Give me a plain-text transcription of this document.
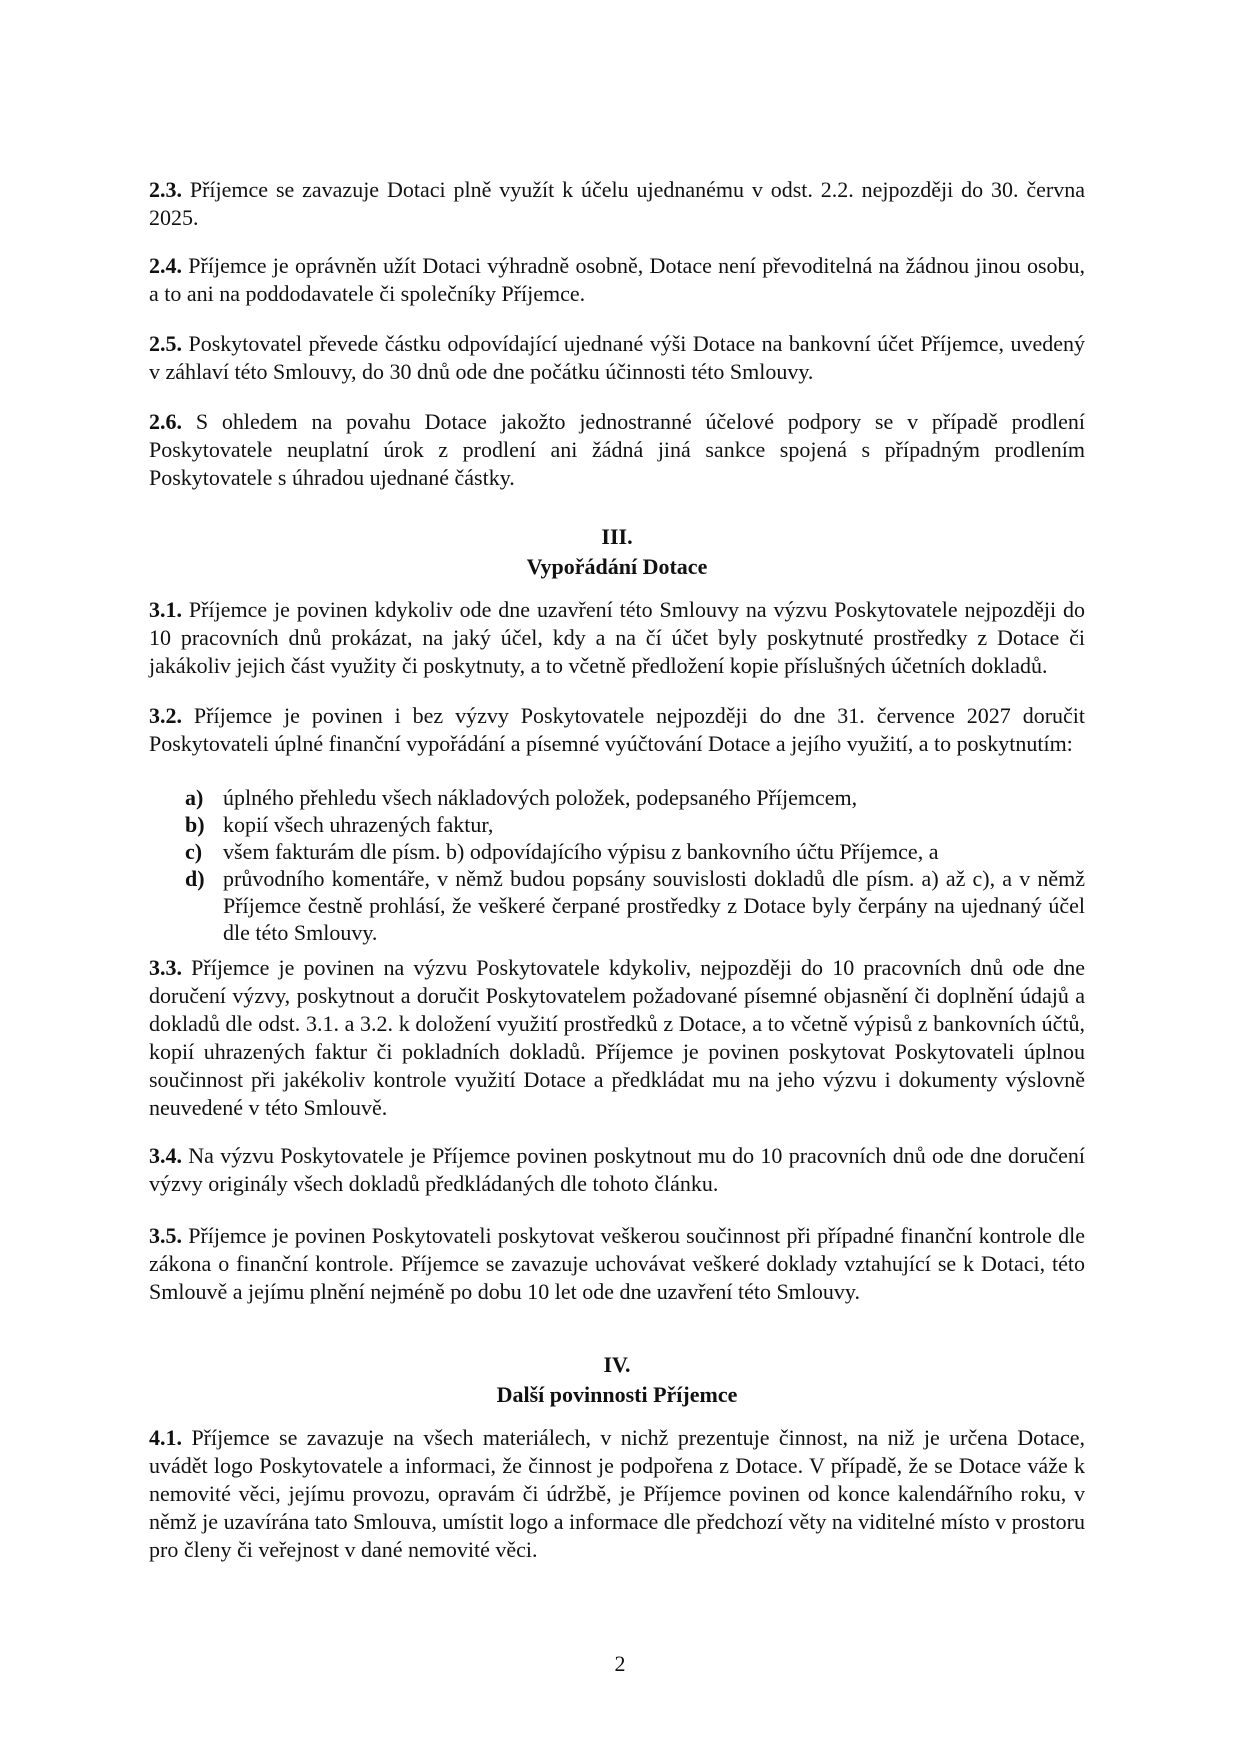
2.3. Příjemce se zavazuje Dotaci plně využít k účelu ujednanému v odst. 2.2. nejpozději do 30. června 2025.

2.4. Příjemce je oprávněn užít Dotaci výhradně osobně, Dotace není převoditelná na žádnou jinou osobu, a to ani na poddodavatele či společníky Příjemce.

2.5. Poskytovatel převede částku odpovídající ujednané výši Dotace na bankovní účet Příjemce, uvedený v záhlaví této Smlouvy, do 30 dnů ode dne počátku účinnosti této Smlouvy.

2.6. S ohledem na povahu Dotace jakožto jednostranné účelové podpory se v případě prodlení Poskytovatele neuplatní úrok z prodlení ani žádná jiná sankce spojená s případným prodlením Poskytovatele s úhradou ujednané částky.

III.
Vypořádání Dotace

3.1. Příjemce je povinen kdykoliv ode dne uzavření této Smlouvy na výzvu Poskytovatele nejpozději do 10 pracovních dnů prokázat, na jaký účel, kdy a na čí účet byly poskytnuté prostředky z Dotace či jakákoliv jejich část využity či poskytnuty, a to včetně předložení kopie příslušných účetních dokladů.

3.2. Příjemce je povinen i bez výzvy Poskytovatele nejpozději do dne 31. července 2027 doručit Poskytovateli úplné finanční vypořádání a písemné vyúčtování Dotace a jejího využití, a to poskytnutím:

a) úplného přehledu všech nákladových položek, podepsaného Příjemcem,
b) kopií všech uhrazených faktur,
c) všem fakturám dle písm. b) odpovídajícího výpisu z bankovního účtu Příjemce, a
d) průvodního komentáře, v němž budou popsány souvislosti dokladů dle písm. a) až c), a v němž Příjemce čestně prohlásí, že veškeré čerpané prostředky z Dotace byly čerpány na ujednaný účel dle této Smlouvy.

3.3. Příjemce je povinen na výzvu Poskytovatele kdykoliv, nejpozději do 10 pracovních dnů ode dne doručení výzvy, poskytnout a doručit Poskytovatelem požadované písemné objasnění či doplnění údajů a dokladů dle odst. 3.1. a 3.2. k doložení využití prostředků z Dotace, a to včetně výpisů z bankovních účtů, kopií uhrazených faktur či pokladních dokladů. Příjemce je povinen poskytovat Poskytovateli úplnou součinnost při jakékoliv kontrole využití Dotace a předkládat mu na jeho výzvu i dokumenty výslovně neuvedené v této Smlouvě.

3.4. Na výzvu Poskytovatele je Příjemce povinen poskytnout mu do 10 pracovních dnů ode dne doručení výzvy originály všech dokladů předkládaných dle tohoto článku.

3.5. Příjemce je povinen Poskytovateli poskytovat veškerou součinnost při případné finanční kontrole dle zákona o finanční kontrole. Příjemce se zavazuje uchovávat veškeré doklady vztahující se k Dotaci, této Smlouvě a jejímu plnění nejméně po dobu 10 let ode dne uzavření této Smlouvy.

IV.
Další povinnosti Příjemce

4.1. Příjemce se zavazuje na všech materiálech, v nichž prezentuje činnost, na niž je určena Dotace, uvádět logo Poskytovatele a informaci, že činnost je podpořena z Dotace. V případě, že se Dotace váže k nemovité věci, jejímu provozu, opravám či údržbě, je Příjemce povinen od konce kalendářního roku, v němž je uzavírána tato Smlouva, umístit logo a informace dle předchozí věty na viditelné místo v prostoru pro členy či veřejnost v dané nemovité věci.

2
